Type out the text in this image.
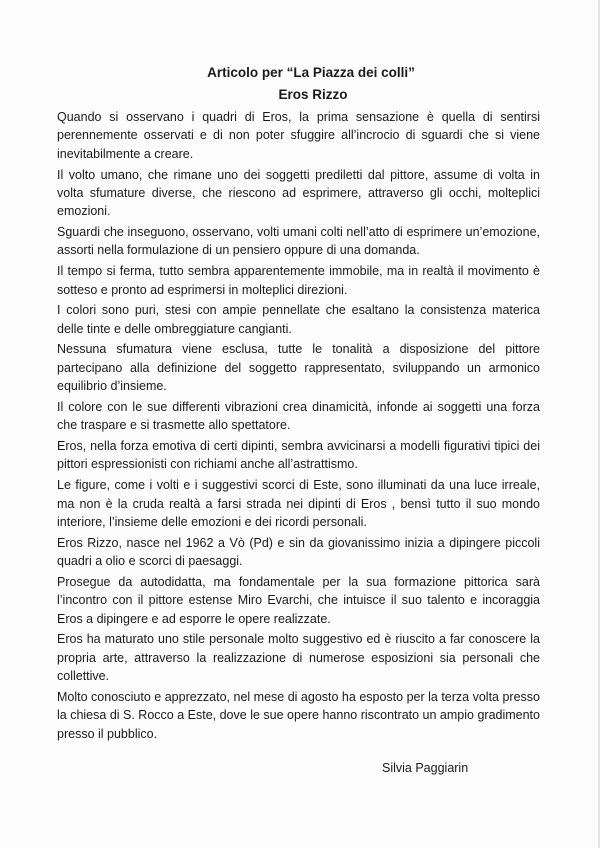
Articolo per “La Piazza dei colli”
Eros Rizzo

Quando si osservano i quadri di Eros, la prima sensazione è quella di sentirsi perennemente osservati e di non poter sfuggire all’incrocio di sguardi che si viene inevitabilmente a creare.

Il volto umano, che rimane uno dei soggetti prediletti dal pittore, assume di volta in volta sfumature diverse, che riescono ad esprimere, attraverso gli occhi, molteplici emozioni.

Sguardi che inseguono, osservano, volti umani colti nell’atto di esprimere un’emozione, assorti nella formulazione di un pensiero oppure di una domanda.

Il tempo si ferma, tutto sembra apparentemente immobile, ma in realtà il movimento è sotteso e pronto ad esprimersi in molteplici direzioni.

I colori sono puri, stesi con ampie pennellate che esaltano la consistenza materica delle tinte e delle ombreggiature cangianti.

Nessuna sfumatura viene esclusa, tutte le tonalità a disposizione del pittore partecipano alla definizione del soggetto rappresentato, sviluppando un armonico equilibrio d’insieme.

Il colore con le sue differenti vibrazioni crea dinamicità, infonde ai soggetti una forza che traspare e si trasmette allo spettatore.

Eros, nella forza emotiva di certi dipinti, sembra avvicinarsi a modelli figurativi tipici dei pittori espressionisti con richiami anche all’astrattismo.

Le figure, come i volti e i suggestivi scorci di Este, sono illuminati da una luce irreale, ma non è la cruda realtà a farsi strada nei dipinti di Eros , bensì tutto il suo mondo interiore, l’insieme delle emozioni e dei ricordi personali.

Eros Rizzo, nasce nel 1962 a Vò (Pd) e sin da giovanissimo inizia a dipingere piccoli quadri a olio e scorci di paesaggi.

Prosegue da autodidatta, ma fondamentale per la sua formazione pittorica sarà l’incontro con il pittore estense Miro Evarchi, che intuisce il suo talento e incoraggia Eros a dipingere e ad esporre le opere realizzate.

Eros ha maturato uno stile personale molto suggestivo ed è riuscito a far conoscere la propria arte, attraverso la realizzazione di numerose esposizioni sia personali che collettive.

Molto conosciuto e apprezzato, nel mese di agosto ha esposto per la terza volta presso la chiesa di S. Rocco a Este, dove le sue opere hanno riscontrato un ampio gradimento presso il pubblico.

Silvia Paggiarin
